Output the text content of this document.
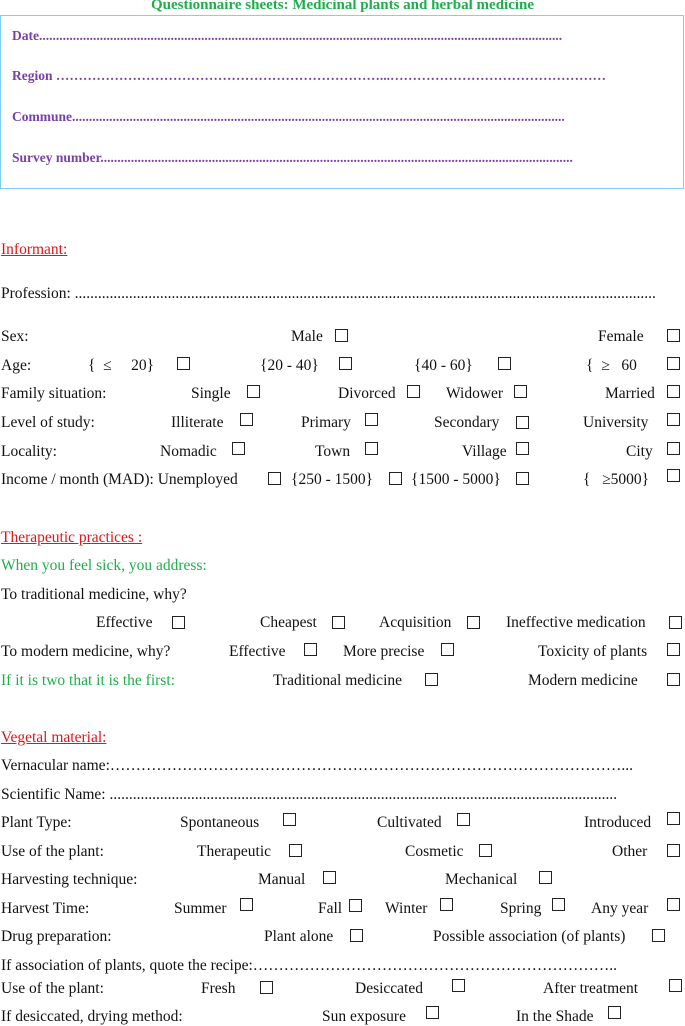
Questionnaire sheets: Medicinal plants and herbal medicine
Date...........................................................................................................................................................
Region ………………………………………………………………...…………………………………………
Commune..................................................................................................................................................
Survey number............................................................................................................................................
Informant:
Profession: ......................................................................................................................................................
Sex:	Male	Female
Age:	{  ≤     20}	{20 - 40}	{40 - 60}	{  ≥   60
Family situation:	Single	Divorced	Widower	Married
Level of study:	Illiterate	Primary	Secondary	University
Locality:	Nomadic	Town	Village	City
Income / month (MAD): Unemployed	{250 - 1500} {1500 - 5000}	{   ≥5000}
Therapeutic practices :
When you feel sick, you address:
To traditional medicine, why?
Effective	Cheapest	Acquisition	Ineffective medication
To modern medicine, why?	Effective	More precise	Toxicity of plants
If it is two that it is the first:	Traditional medicine	Modern medicine
Vegetal material:
Vernacular name:………………………………………………………………………………………...
Scientific Name: ...................................................................................................................................
Plant Type:	Spontaneous	Cultivated	Introduced
Use of the plant:	Therapeutic	Cosmetic	Other
Harvesting technique:	Manual	Mechanical
Harvest Time:	Summer	Fall	Winter	Spring	Any year
Drug preparation:	Plant alone	Possible association (of plants)
If association of plants, quote the recipe:……………………………………………………………..
Use of the plant:	Fresh	Desiccated	After treatment
If desiccated, drying method:	Sun exposure	In the Shade
